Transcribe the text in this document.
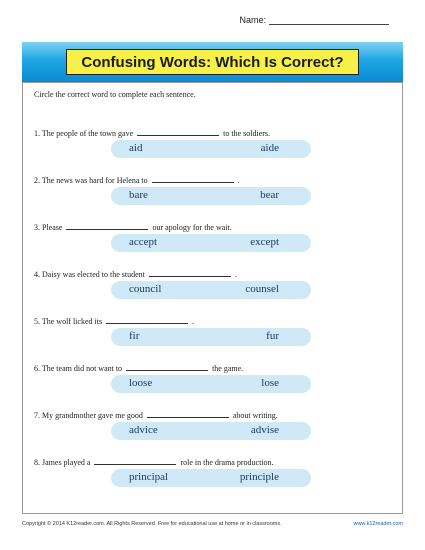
Name:
Confusing Words: Which Is Correct?
Circle the correct word to complete each sentence.
1. The people of the town gave	to the soldiers.
aid	aide
2. The news was hard for Helena to	.
bare	bear
3. Please	our apology for the wait.
accept	except
4. Daisy was elected to the student	.
council	counsel
5. The wolf licked its	.
fir	fur
6. The team did not want to	the game.
loose	lose
7. My grandmother gave me good	about writing.
advice	advise
8. James played a	role in the drama production.
principal	principle
Copyright © 2014 K12reader.com. All Rights Reserved. Free for educational use at home or in classrooms.	www.k12reader.com
